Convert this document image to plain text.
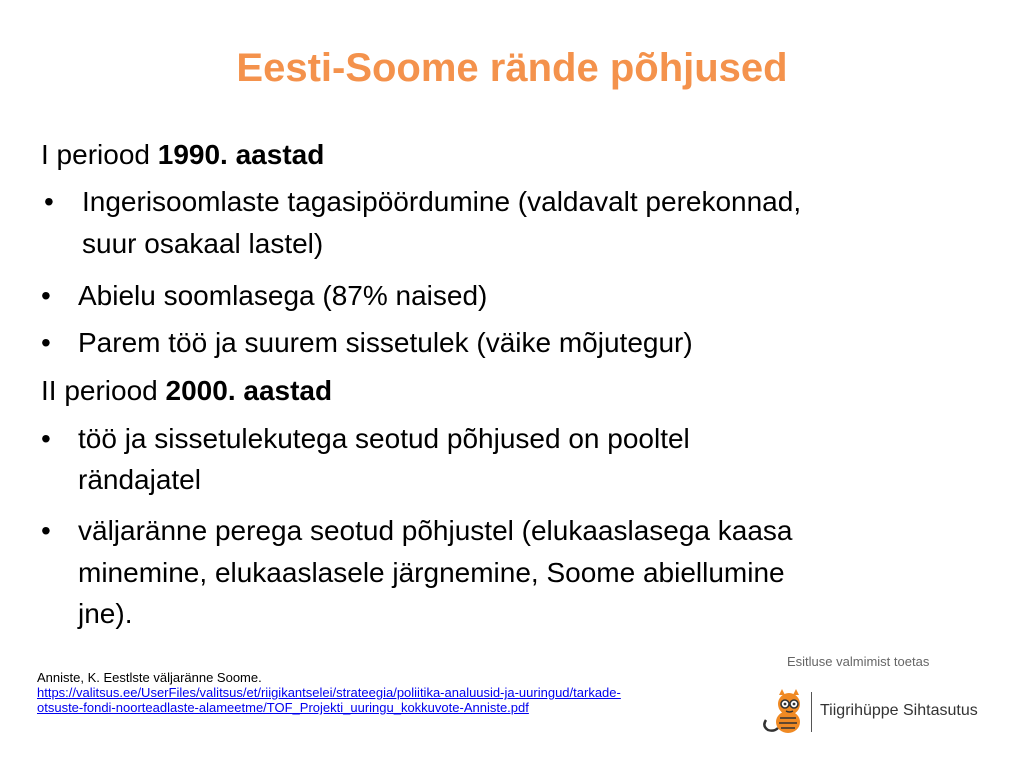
Eesti-Soome rände põhjused
I periood 1990. aastad
• Ingerisoomlaste tagasipöördumine (valdavalt perekonnad,
suur osakaal lastel)
• Abielu soomlasega (87% naised)
• Parem töö ja suurem sissetulek (väike mõjutegur)
II periood 2000. aastad
• töö ja sissetulekutega seotud põhjused on pooltel
rändajatel
• väljaränne perega seotud põhjustel (elukaaslasega kaasa
minemine, elukaaslasele järgnemine, Soome abiellumine
jne).
Anniste, K. Eestlste väljaränne Soome.
https://valitsus.ee/UserFiles/valitsus/et/riigikantselei/strateegia/poliitika-analuusid-ja-uuringud/tarkade-
otsuste-fondi-noorteadlaste-alameetme/TOF_Projekti_uuringu_kokkuvote-Anniste.pdf
Esitluse valmimist toetas
Tiigrihüppe Sihtasutus
